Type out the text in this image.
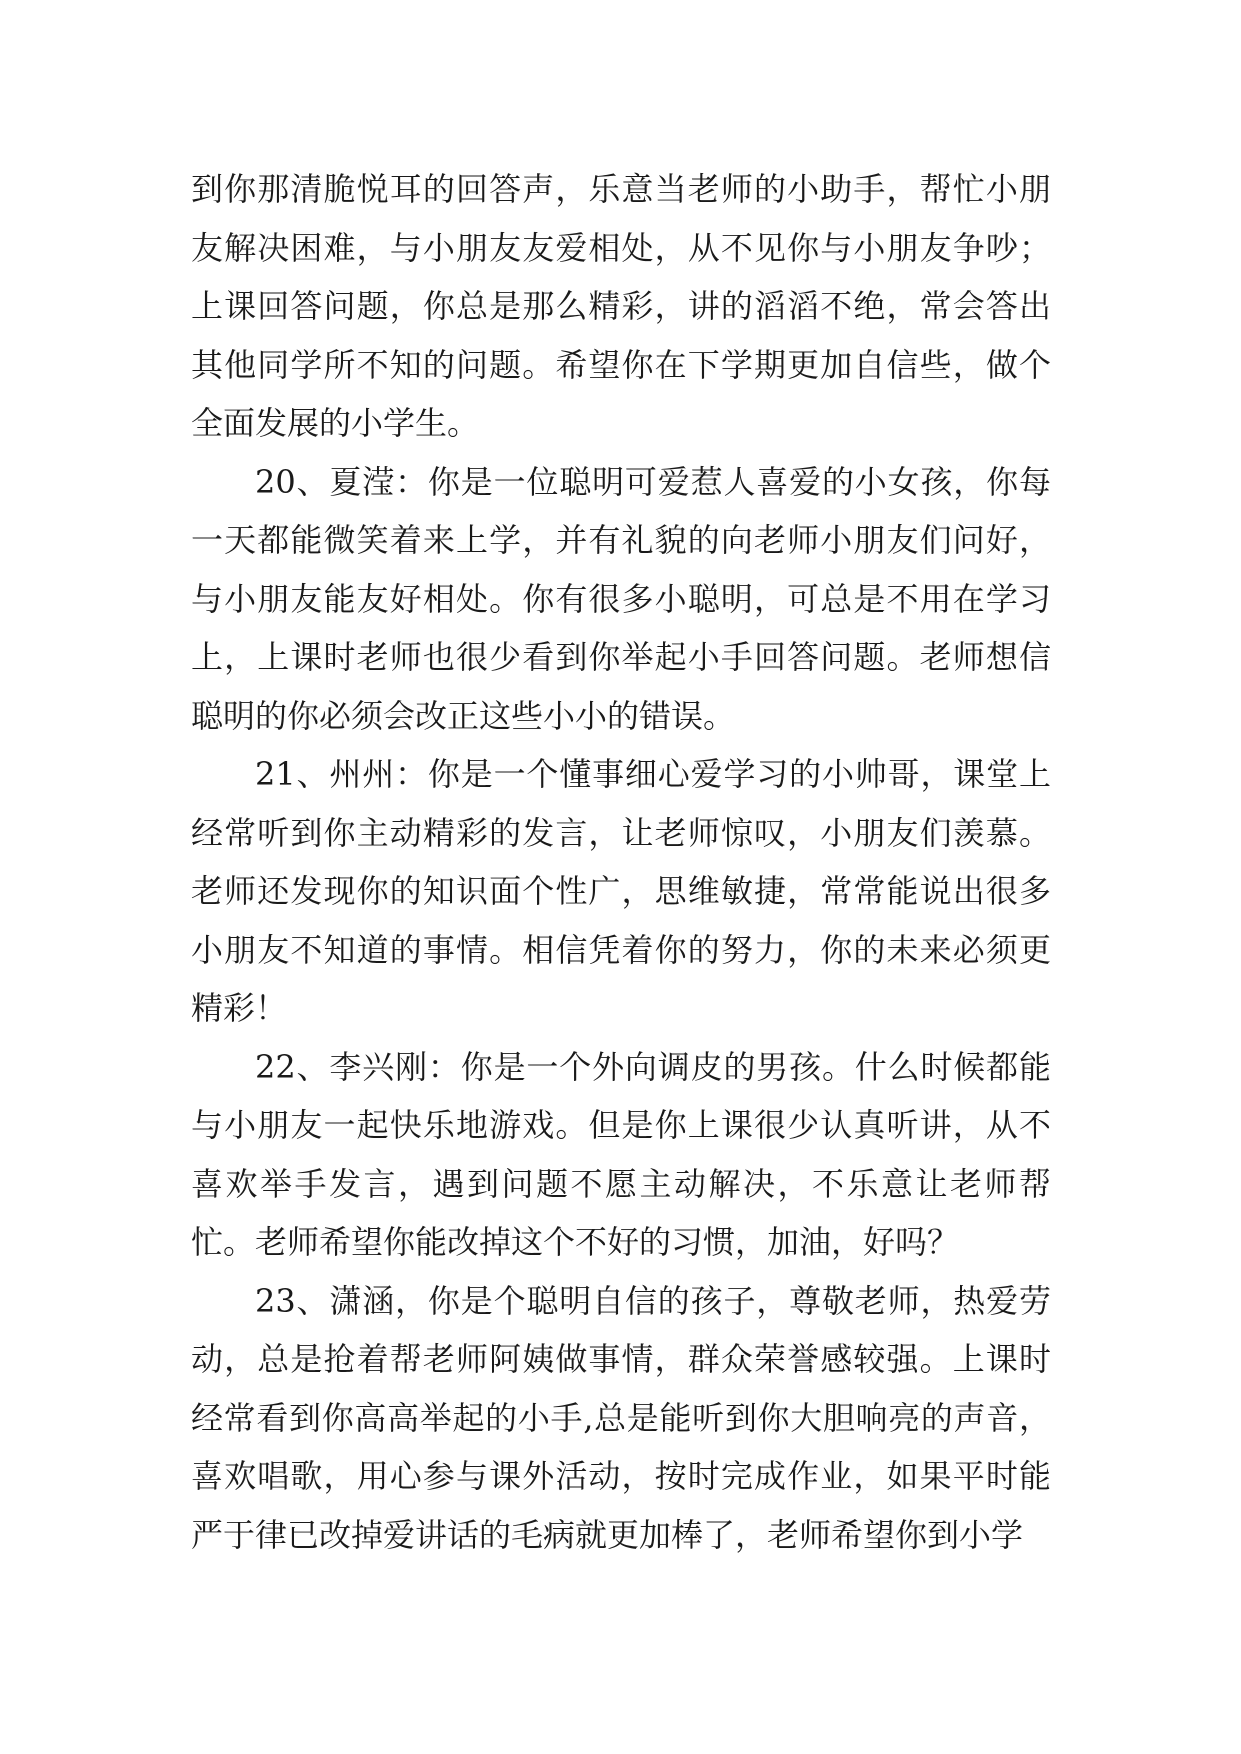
到你那清脆悦耳的回答声，乐意当老师的小助手，帮忙小朋友解决困难，与小朋友友爱相处，从不见你与小朋友争吵；上课回答问题，你总是那么精彩，讲的滔滔不绝，常会答出其他同学所不知的问题。希望你在下学期更加自信些，做个全面发展的小学生。

20、夏滢：你是一位聪明可爱惹人喜爱的小女孩，你每一天都能微笑着来上学，并有礼貌的向老师小朋友们问好，与小朋友能友好相处。你有很多小聪明，可总是不用在学习上，上课时老师也很少看到你举起小手回答问题。老师想信聪明的你必须会改正这些小小的错误。

21、州州：你是一个懂事细心爱学习的小帅哥，课堂上经常听到你主动精彩的发言，让老师惊叹，小朋友们羡慕。老师还发现你的知识面个性广，思维敏捷，常常能说出很多小朋友不知道的事情。相信凭着你的努力，你的未来必须更精彩！

22、李兴刚：你是一个外向调皮的男孩。什么时候都能与小朋友一起快乐地游戏。但是你上课很少认真听讲，从不喜欢举手发言，遇到问题不愿主动解决，不乐意让老师帮忙。老师希望你能改掉这个不好的习惯，加油，好吗？

23、潇涵，你是个聪明自信的孩子，尊敬老师，热爱劳动，总是抢着帮老师阿姨做事情，群众荣誉感较强。上课时经常看到你高高举起的小手,总是能听到你大胆响亮的声音，喜欢唱歌，用心参与课外活动，按时完成作业，如果平时能严于律已改掉爱讲话的毛病就更加棒了，老师希望你到小学
